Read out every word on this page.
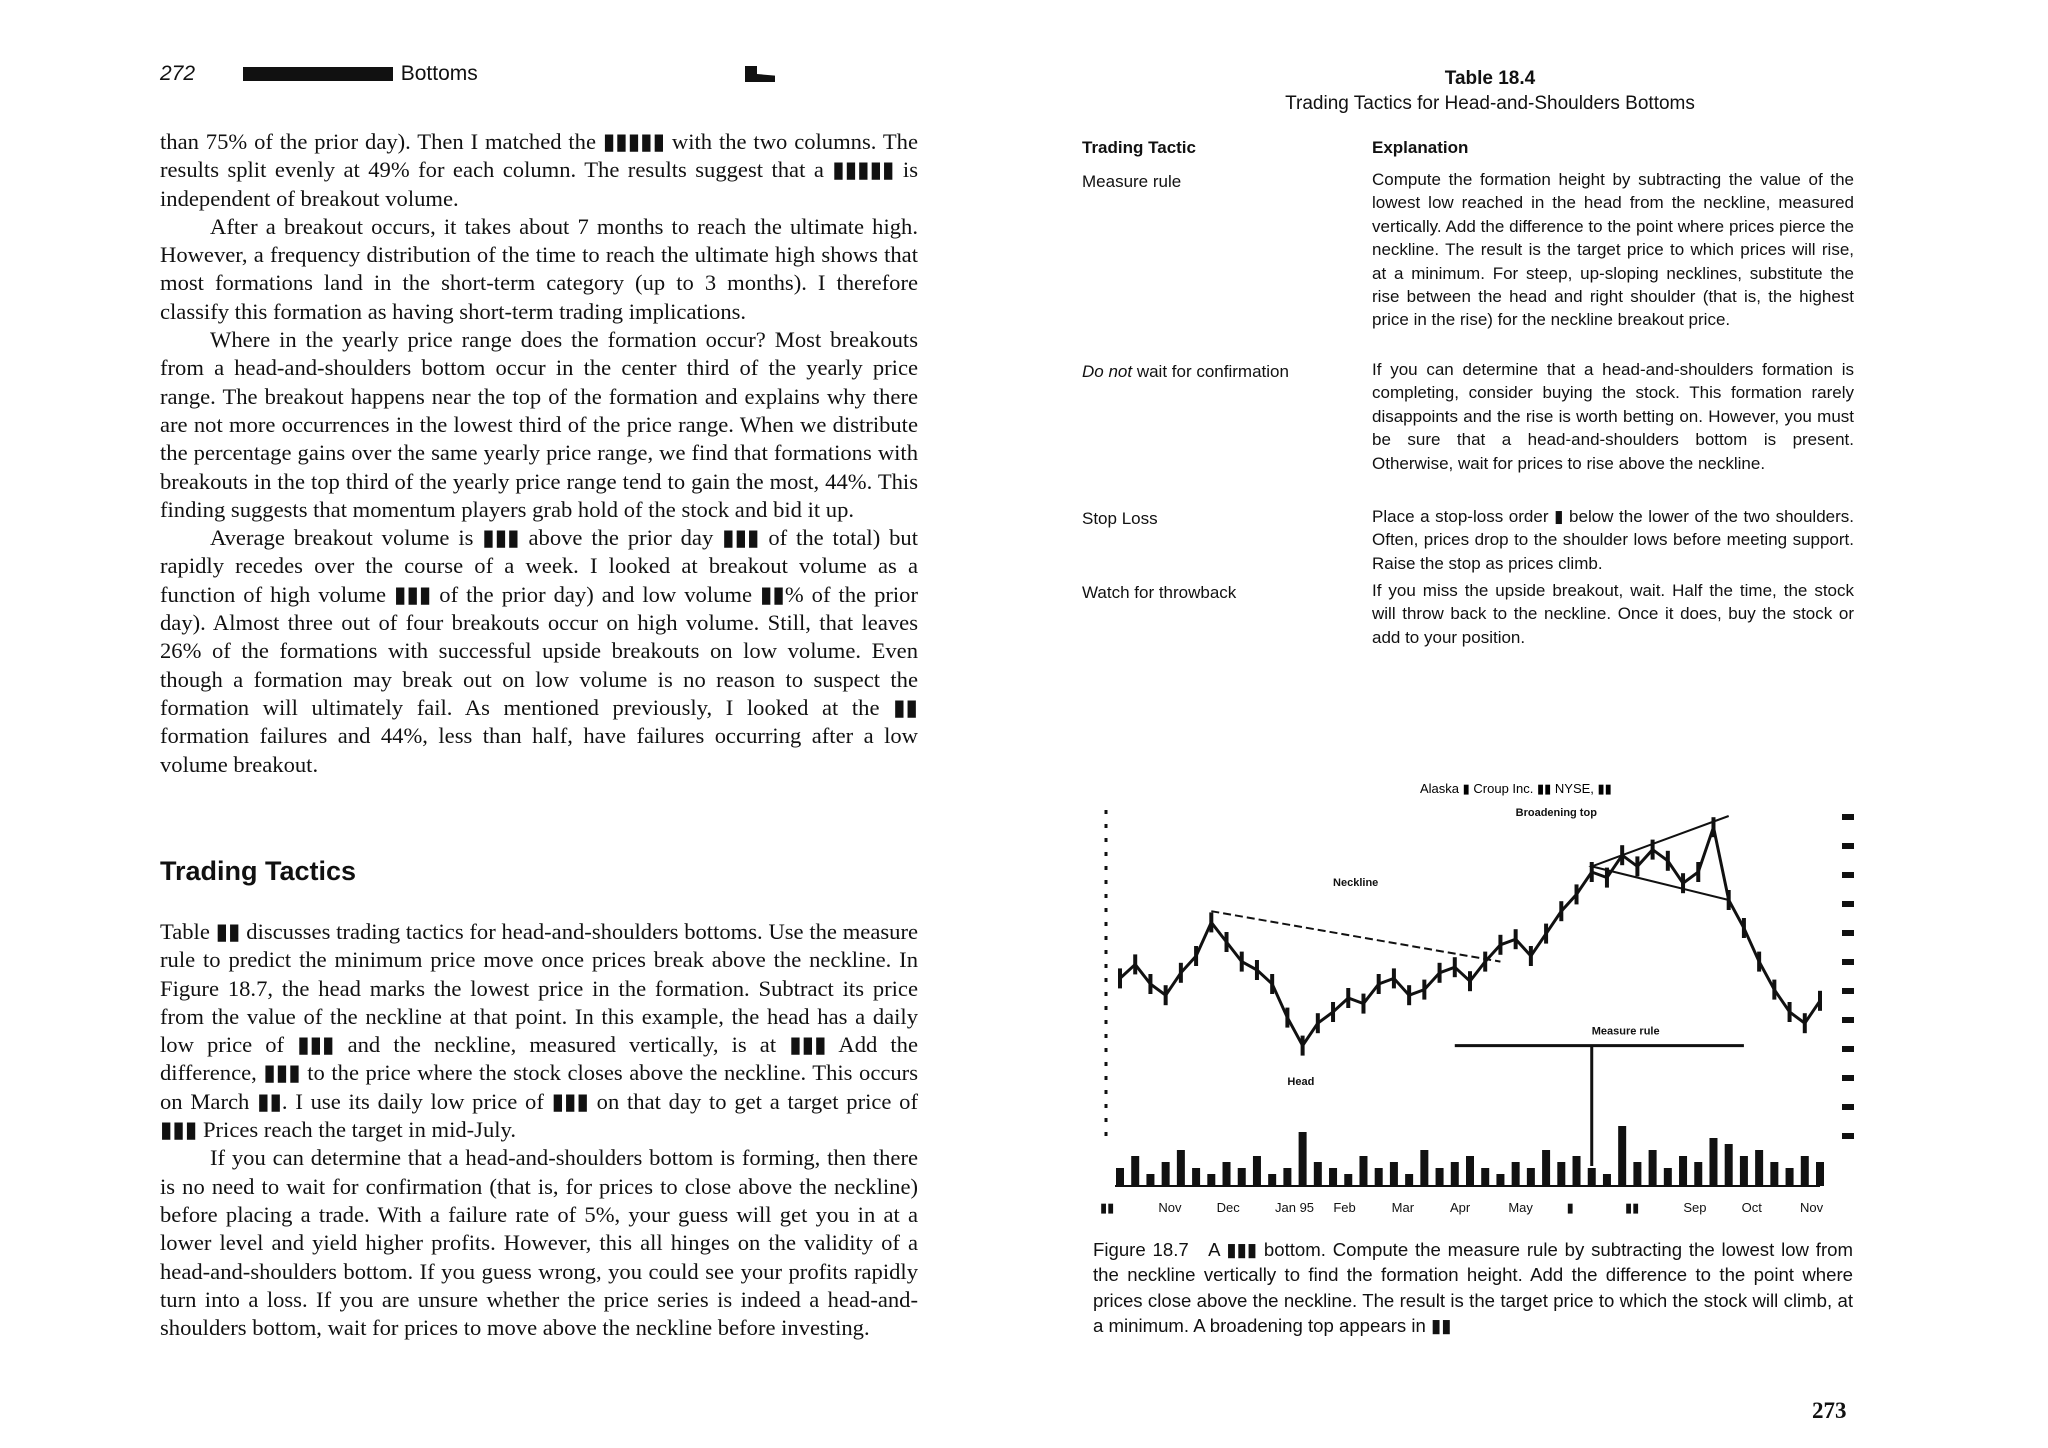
272	Bottoms

than 75% of the prior day). Then I matched the ▮▮▮▮▮ with the two columns. The results split evenly at 49% for each column. The results suggest that a ▮▮▮▮▮ is independent of breakout volume.

After a breakout occurs, it takes about 7 months to reach the ultimate high. However, a frequency distribution of the time to reach the ultimate high shows that most formations land in the short-term category (up to 3 months). I therefore classify this formation as having short-term trading implications.

Where in the yearly price range does the formation occur? Most breakouts from a head-and-shoulders bottom occur in the center third of the yearly price range. The breakout happens near the top of the formation and explains why there are not more occurrences in the lowest third of the price range. When we distribute the percentage gains over the same yearly price range, we find that formations with breakouts in the top third of the yearly price range tend to gain the most, 44%. This finding suggests that momentum players grab hold of the stock and bid it up.

Average breakout volume is ▮▮▮ above the prior day ▮▮▮ of the total) but rapidly recedes over the course of a week. I looked at breakout volume as a function of high volume ▮▮▮ of the prior day) and low volume ▮▮% of the prior day). Almost three out of four breakouts occur on high volume. Still, that leaves 26% of the formations with successful upside breakouts on low volume. Even though a formation may break out on low volume is no reason to suspect the formation will ultimately fail. As mentioned previously, I looked at the ▮▮ formation failures and 44%, less than half, have failures occurring after a low volume breakout.

Trading Tactics

Table ▮▮ discusses trading tactics for head-and-shoulders bottoms. Use the measure rule to predict the minimum price move once prices break above the neckline. In Figure 18.7, the head marks the lowest price in the formation. Subtract its price from the value of the neckline at that point. In this example, the head has a daily low price of ▮▮▮ and the neckline, measured vertically, is at ▮▮▮ Add the difference, ▮▮▮ to the price where the stock closes above the neckline. This occurs on March ▮▮. I use its daily low price of ▮▮▮ on that day to get a target price of ▮▮▮ Prices reach the target in mid-July.

If you can determine that a head-and-shoulders bottom is forming, then there is no need to wait for confirmation (that is, for prices to close above the neckline) before placing a trade. With a failure rate of 5%, your guess will get you in at a lower level and yield higher profits. However, this all hinges on the validity of a head-and-shoulders bottom. If you guess wrong, you could see your profits rapidly turn into a loss. If you are unsure whether the price series is indeed a head-and-shoulders bottom, wait for prices to move above the neckline before investing.

Table 18.4
Trading Tactics for Head-and-Shoulders Bottoms
Trading Tactic	Explanation
Measure rule	Compute the formation height by subtracting the value of the lowest low reached in the head from the neckline, measured vertically. Add the difference to the point where prices pierce the neckline. The result is the target price to which prices will rise, at a minimum. For steep, up-sloping necklines, substitute the rise between the head and right shoulder (that is, the highest price in the rise) for the neckline breakout price.
Do not wait for confirmation	If you can determine that a head-and-shoulders formation is completing, consider buying the stock. This formation rarely disappoints and the rise is worth betting on. However, you must be sure that a head-and-shoulders bottom is present. Otherwise, wait for prices to rise above the neckline.
Stop Loss	Place a stop-loss order ▮ below the lower of the two shoulders. Often, prices drop to the shoulder lows before meeting support. Raise the stop as prices climb.
Watch for throwback	If you miss the upside breakout, wait. Half the time, the stock will throw back to the neckline. Once it does, buy the stock or add to your position.
Alaska ▮ Croup Inc. ▮▮ NYSE, ▮▮
Head
Neckline
Broadening top
Measure rule
▮▮	Nov	Dec	Jan 95 Feb	Mar	Apr	May	▮	▮▮	Sep	Oct	Nov
Figure 18.7 A ▮▮▮ bottom. Compute the measure rule by subtracting the lowest low from the neckline vertically to find the formation height. Add the difference to the point where prices close above the neckline. The result is the target price to which the stock will climb, at a minimum. A broadening top appears in ▮▮
273
